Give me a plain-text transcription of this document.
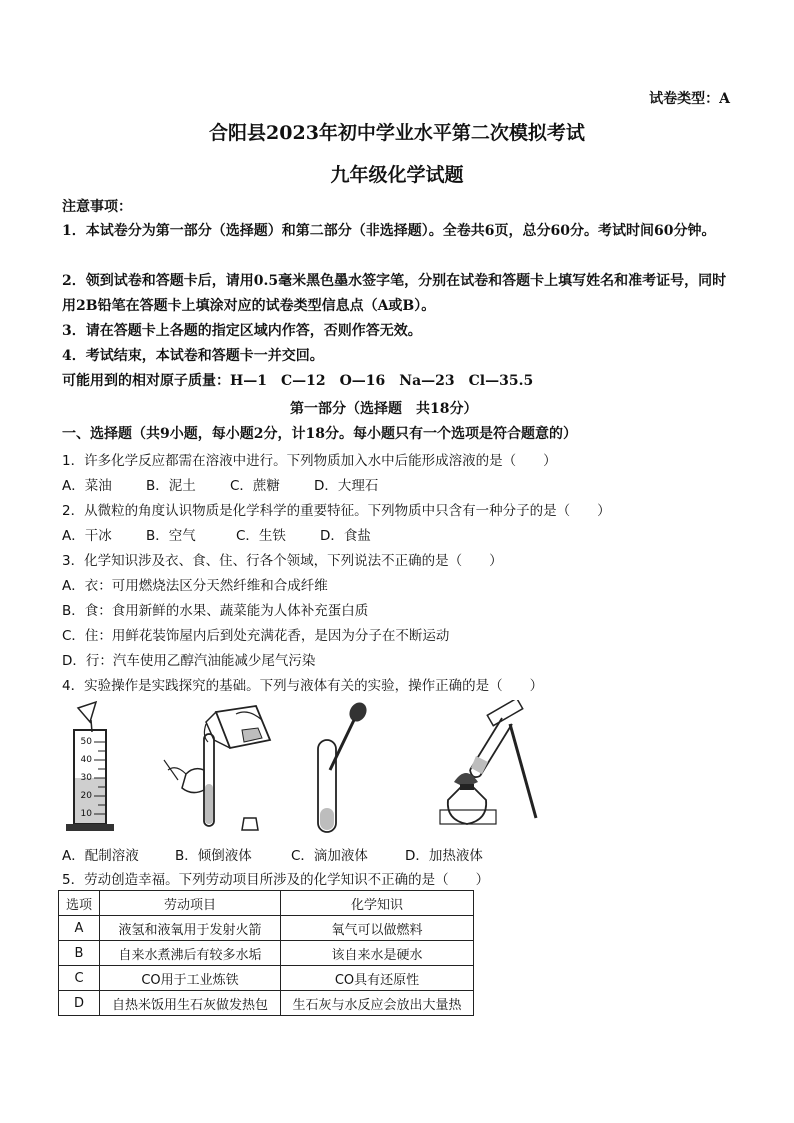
试卷类型：A
合阳县2023年初中学业水平第二次模拟考试
九年级化学试题
注意事项：
1．本试卷分为第一部分（选择题）和第二部分（非选择题）。全卷共6页，总分60分。考试时间60分钟。
2．领到试卷和答题卡后，请用0.5毫米黑色墨水签字笔，分别在试卷和答题卡上填写姓名和准考证号，同时用2B铅笔在答题卡上填涂对应的试卷类型信息点（A或B）。
3．请在答题卡上各题的指定区域内作答，否则作答无效。
4．考试结束，本试卷和答题卡一并交回。
可能用到的相对原子质量：H—1　C—12　O—16　Na—23　Cl—35.5
第一部分（选择题　共18分）
一、选择题（共9小题，每小题2分，计18分。每小题只有一个选项是符合题意的）
1．许多化学反应都需在溶液中进行。下列物质加入水中后能形成溶液的是（　　）
A．菜油	B．泥土	C．蔗糖	D．大理石
2．从微粒的角度认识物质是化学科学的重要特征。下列物质中只含有一种分子的是（　　）
A．干冰	B．空气	C．生铁	D．食盐
3．化学知识涉及衣、食、住、行各个领域，下列说法不正确的是（　　）
A．衣：可用燃烧法区分天然纤维和合成纤维
B．食：食用新鲜的水果、蔬菜能为人体补充蛋白质
C．住：用鲜花装饰屋内后到处充满花香，是因为分子在不断运动
D．行：汽车使用乙醇汽油能减少尾气污染
4．实验操作是实践探究的基础。下列与液体有关的实验，操作正确的是（　　）
50
40
30
20
10
A．配制溶液	B．倾倒液体	C．滴加液体	D．加热液体
5．劳动创造幸福。下列劳动项目所涉及的化学知识不正确的是（　　）
选项	劳动项目	化学知识
A	液氢和液氧用于发射火箭	氧气可以做燃料
B	自来水煮沸后有较多水垢	该自来水是硬水
C	CO用于工业炼铁	CO具有还原性
D	自热米饭用生石灰做发热包	生石灰与水反应会放出大量热
